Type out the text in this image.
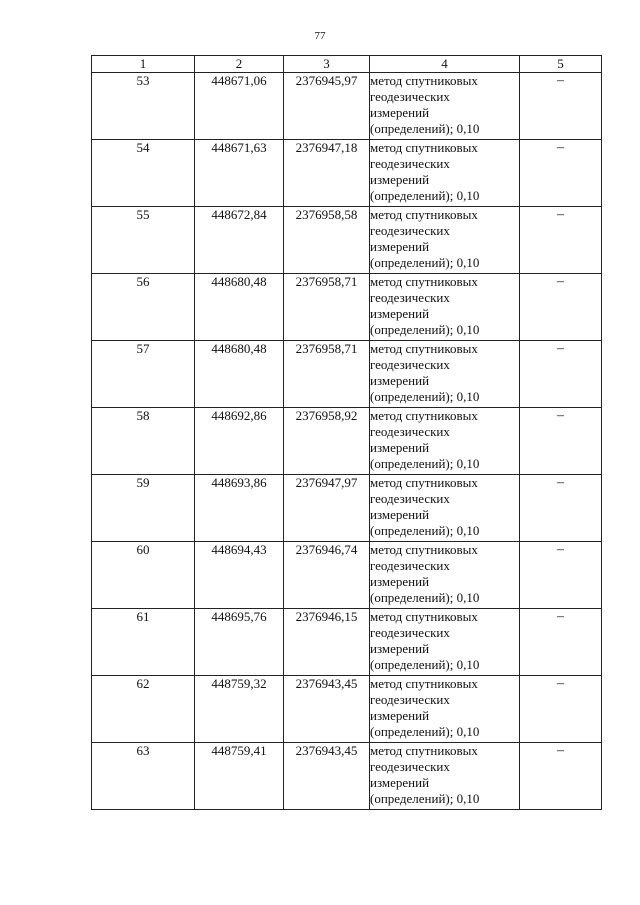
77
1	2	3	4	5
53	448671,06	2376945,97	метод спутниковых
геодезических
измерений
(определений); 0,10	–
54	448671,63	2376947,18	метод спутниковых
геодезических
измерений
(определений); 0,10	–
55	448672,84	2376958,58	метод спутниковых
геодезических
измерений
(определений); 0,10	–
56	448680,48	2376958,71	метод спутниковых
геодезических
измерений
(определений); 0,10	–
57	448680,48	2376958,71	метод спутниковых
геодезических
измерений
(определений); 0,10	–
58	448692,86	2376958,92	метод спутниковых
геодезических
измерений
(определений); 0,10	–
59	448693,86	2376947,97	метод спутниковых
геодезических
измерений
(определений); 0,10	–
60	448694,43	2376946,74	метод спутниковых
геодезических
измерений
(определений); 0,10	–
61	448695,76	2376946,15	метод спутниковых
геодезических
измерений
(определений); 0,10	–
62	448759,32	2376943,45	метод спутниковых
геодезических
измерений
(определений); 0,10	–
63	448759,41	2376943,45	метод спутниковых
геодезических
измерений
(определений); 0,10	–
